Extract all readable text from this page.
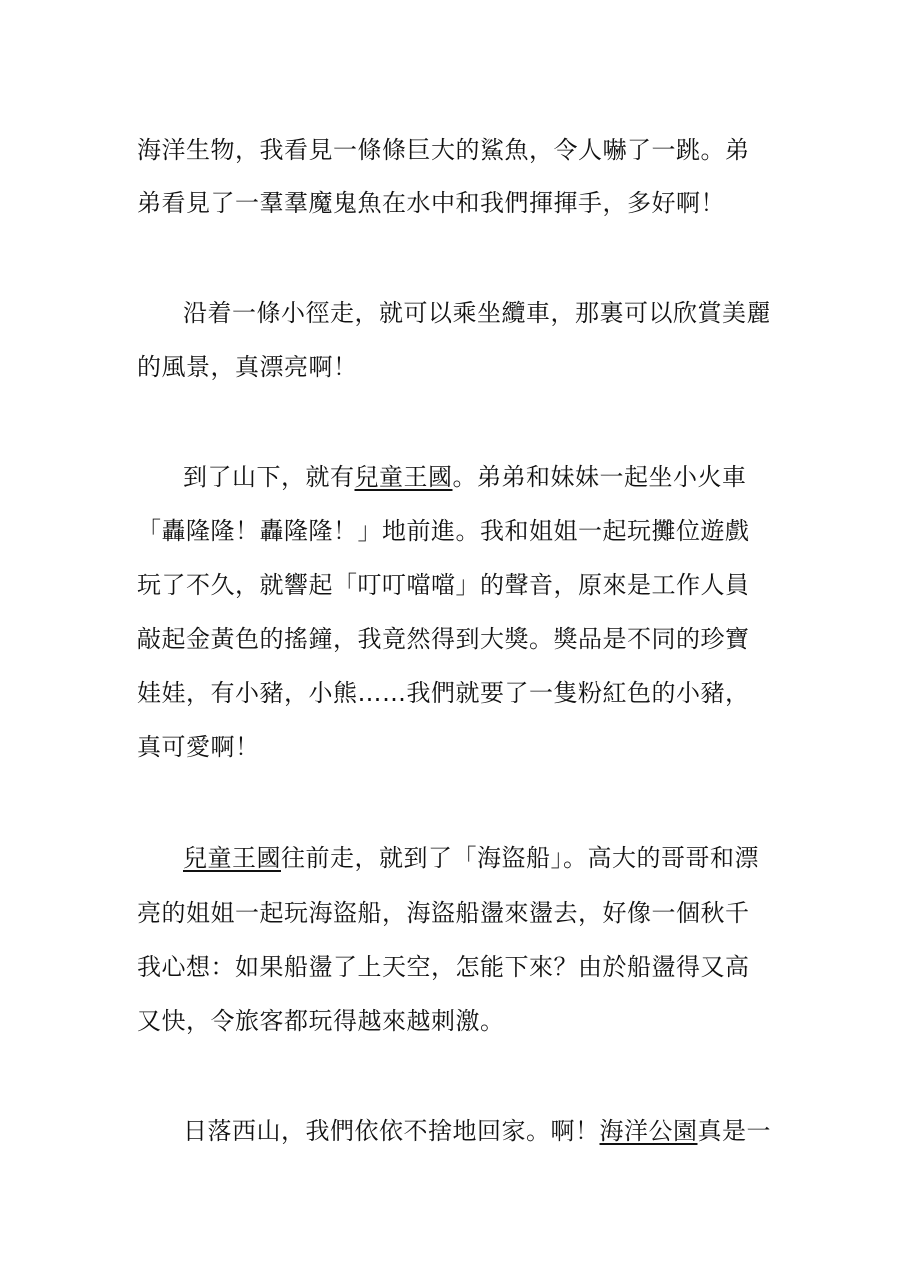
海洋生物，我看見一條條巨大的鯊魚，令人嚇了一跳。弟
弟看見了一羣羣魔鬼魚在水中和我們揮揮手，多好啊！
沿着一條小徑走，就可以乘坐纜車，那裏可以欣賞美麗
的風景，真漂亮啊！
到了山下，就有兒童王國。弟弟和妹妹一起坐小火車
「轟隆隆！轟隆隆！」地前進。我和姐姐一起玩攤位遊戲
玩了不久，就響起「叮叮噹噹」的聲音，原來是工作人員
敲起金黃色的搖鐘，我竟然得到大獎。獎品是不同的珍寶
娃娃，有小豬，小熊……我們就要了一隻粉紅色的小豬，
真可愛啊！
兒童王國往前走，就到了「海盜船」。高大的哥哥和漂
亮的姐姐一起玩海盜船，海盜船盪來盪去，好像一個秋千
我心想：如果船盪了上天空，怎能下來？由於船盪得又高
又快，令旅客都玩得越來越刺激。
日落西山，我們依依不捨地回家。啊！海洋公園真是一
